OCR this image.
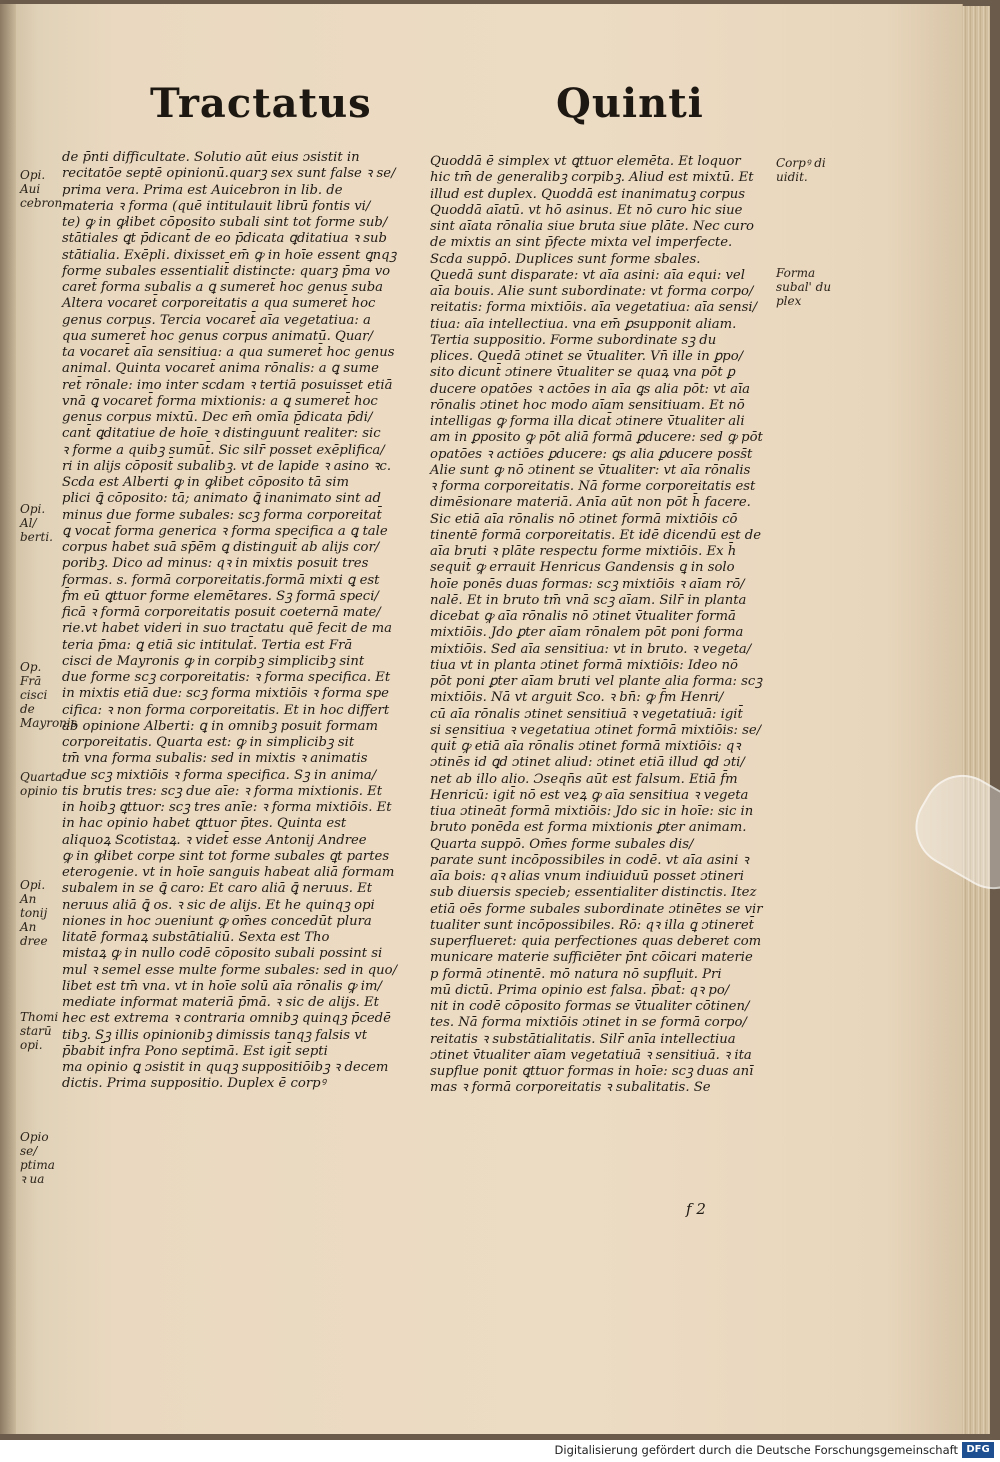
Tractatus	Quinti

de p̄nti difficultate. Solutio aūt eius ɔsistit in

recitatōe septē opinionū.quarꝫ sex sunt false ꝛ se/

prima vera. Prima est Auicebron in lib. de

materia ꝛ forma (quē intitulauit librū fontis vi/

te) ꝙ in ꝙlibet cōposito subali sint tot forme sub/

stātiales ꝗt p̄dicant̄ de eo p̄dicata ꝗditatiua ꝛ sub

stātialia. Exēpli. dixisset em̄ ꝙ in hoīe essent ꝗnqꝫ

forme subales essentialit̄ distincte: quarꝫ p̄ma vo

caret̄ forma subalis a ꝗ sumeret̄ hoc genus suba

Altera vocaret̄ corporeitatis a qua sumeret̄ hoc

genus corpus. Tercia vocaret̄ aīa vegetatiua: a

qua sumeret̄ hoc genus corpus animatū. Quar/

ta vocaret̄ aīa sensitiua: a qua sumeret̄ hoc genus

animal. Quinta vocaret̄ anima rōnalis: a ꝗ sume

ret̄ rōnale: imo inter scdam ꝛ tertiā posuisset etiā

vnā ꝗ vocaret̄ forma mixtionis: a ꝗ sumeret̄ hoc

genus corpus mixtū. Dec em̄ omīa p̄dicata p̄di/

cant̄ ꝗditatiue de hoīe ꝛ distinguunt̄ realiter: sic

ꝛ forme a quibꝫ sumūt̄. Sic silr̄ posset exēplifica/

ri in alijs cōposit̄ subalibꝫ. vt de lapide ꝛ asino ꝛc.

Scda est Alberti ꝙ in ꝙlibet cōposito tā sim

plici ꝗ̄ cōposito: tā; animato ꝗ̄ inanimato sint ad

minus due forme subales: scꝫ forma corporeitat̄

ꝗ vocat̄ forma generica ꝛ forma specifica a ꝗ tale

corpus habet suā sp̄ēm ꝗ distinguit̄ ab alijs cor/

poribꝫ. Dico ad minus: qꝛ in mixtis posuit tres

formas. s. formā corporeitatis.formā mixti ꝗ est

f̄m eū ꝗttuor forme elemētares. Sꝫ formā speci/

ficā ꝛ formā corporeitatis posuit coeternā mate/

rie.vt habet videri in suo tractatu quē fecit de ma

teria p̄ma: ꝗ etiā sic intitulat̄. Tertia est Frā

cisci de Mayronis ꝙ in corpibꝫ simplicibꝫ sint

due forme scꝫ corporeitatis: ꝛ forma specifica. Et

in mixtis etiā due: scꝫ forma mixtiōis ꝛ forma spe

cifica: ꝛ non forma corporeitatis. Et in hoc differt

ab opinione Alberti: ꝗ in omnibꝫ posuit formam

corporeitatis. Quarta est: ꝙ in simplicibꝫ sit

tm̄ vna forma subalis: sed in mixtis ꝛ animatis

due scꝫ mixtiōis ꝛ forma specifica. Sꝫ in anima/

tis brutis tres: scꝫ due aīe: ꝛ forma mixtionis. Et

in hoibꝫ ꝗttuor: scꝫ tres anīe: ꝛ forma mixtiōis. Et

in hac opinio habet ꝗttuor p̄tes. Quinta est

aliquoꝝ Scotistaꝝ. ꝛ videt̄ esse Antonij Andree

ꝙ in ꝙlibet corpe sint tot forme subales ꝗt partes

eterogenie. vt in hoīe sanguis habeat aliā formam

subalem in se ꝗ̄ caro: Et caro aliā ꝗ̄ neruus. Et

neruus aliā ꝗ̄ os. ꝛ sic de alijs. Et he quinqꝫ opi

niones in hoc ɔueniunt ꝙ om̄es concedūt plura

litatē formaꝝ substātialiū. Sexta est Tho

mistaꝝ ꝙ in nullo codē cōposito subali possint si

mul ꝛ semel esse multe forme subales: sed in quo/

libet est tm̄ vna. vt in hoīe solū aīa rōnalis ꝙ im/

mediate informat materiā p̄mā. ꝛ sic de alijs. Et

hec est extrema ꝛ contraria omnibꝫ quinqꝫ p̄cedē

tibꝫ. Sꝫ illis opinionibꝫ dimissis tanqꝫ falsis vt

p̄babit̄ infra Pono septimā. Est igit̄ septi

ma opinio ꝗ ɔsistit in quqꝫ suppositiōibꝫ ꝛ decem

dictis. Prima suppositio. Duplex ē corpꝰ

Quoddā ē simplex vt ꝗttuor elemēta. Et loquor

hic tm̄ de generalibꝫ corpibꝫ. Aliud est mixtū. Et

illud est duplex. Quoddā est inanimatuꝫ corpus

Quoddā aīatū. vt hō asinus. Et nō curo hic siue

sint aīata rōnalia siue bruta siue plāte. Nec curo

de mixtis an sint p̄fecte mixta vel imperfecte.

Scda suppō. Duplices sunt forme sbales.

Quedā sunt disparate: vt aīa asini: aīa equi: vel

aīa bouis. Alie sunt subordinate: vt forma corpo/

reitatis: forma mixtiōis. aīa vegetatiua: aīa sensi/

tiua: aīa intellectiua. vna em̄ ꝑsupponit aliam.

Tertia suppositio. Forme subordinate sꝫ du

plices. Quedā ɔtinet se v̄tualiter. Vn̄ ille in ꝑpo/

sito dicunt̄ ɔtinere v̄tualiter se quaꝝ vna pōt ꝑ

ducere opatōes ꝛ actōes in aīa ꝗs alia pōt: vt aīa

rōnalis ɔtinet hoc modo aīam sensitiuam. Et nō

intelligas ꝙ forma illa dicat̄ ɔtinere v̄tualiter ali

am in ꝑposito ꝙ pōt aliā formā ꝑducere: sed ꝙ pōt

opatōes ꝛ actiōes ꝑducere: ꝗs alia ꝑducere poss̄t

Alie sunt ꝙ nō ɔtinent se v̄tualiter: vt aīa rōnalis

ꝛ forma corporeitatis. Nā forme corporeitatis est

dimēsionare materiā. Anīa aūt non pōt h̄ facere.

Sic etiā aīa rōnalis nō ɔtinet formā mixtiōis cō

tinentē formā corporeitatis. Et idē dicendū est de

aīa bruti ꝛ plāte respectu forme mixtiōis. Ex h̄

sequit̄ ꝙ errauit Henricus Gandensis ꝗ in solo

hoīe ponēs duas formas: scꝫ mixtiōis ꝛ aīam rō/

nalē. Et in bruto tm̄ vnā scꝫ aīam. Silr̄ in planta

dicebat ꝙ aīa rōnalis nō ɔtinet v̄tualiter formā

mixtiōis. Jdo ꝑter aīam rōnalem pōt poni forma

mixtiōis. Sed aīa sensitiua: vt in bruto. ꝛ vegeta/

tiua vt in planta ɔtinet formā mixtiōis: Ideo nō

pōt poni ꝑter aīam bruti vel plante alia forma: scꝫ

mixtiōis. Nā vt arguit Sco. ꝛ bn̄: ꝙ f̄m Henri/

cū aīa rōnalis ɔtinet sensitiuā ꝛ vegetatiuā: igit̄

si sensitiua ꝛ vegetatiua ɔtinet formā mixtiōis: se/

quit̄ ꝙ etiā aīa rōnalis ɔtinet formā mixtiōis: qꝛ

ɔtinēs id ꝗd ɔtinet aliud: ɔtinet etiā illud ꝗd ɔti/

net ab illo alio. Ɔseqn̄s aūt est falsum. Etiā f̄m

Henricū: igit̄ nō est veꝝ ꝙ aīa sensitiua ꝛ vegeta

tiua ɔtineāt formā mixtiōis: Jdo sic in hoīe: sic in

bruto ponēda est forma mixtionis ꝑter animam.

Quarta suppō. Om̄es forme subales dis/

parate sunt incōpossibiles in codē. vt aīa asini ꝛ

aīa bois: qꝛ alias vnum indiuiduū posset ɔtineri

sub diuersis specieb; essentialiter distinctis. Itez

etiā oēs forme subales subordinate ɔtinētes se vir

tualiter sunt incōpossibiles. Rō: qꝛ illa ꝗ ɔtineret̄

superflueret: quia perfectiones quas deberet com

municare materie sufficiēter p̄nt cōicari materie

p formā ɔtinentē. mō natura nō supfluit. Pri

mū dictū. Prima opinio est falsa. p̄bat̄: qꝛ po/

nit in codē cōposito formas se v̄tualiter cōtinen/

tes. Nā forma mixtiōis ɔtinet in se formā corpo/

reitatis ꝛ substātialitatis. Silr̄ anīa intellectiua

ɔtinet v̄tualiter aīam vegetatiuā ꝛ sensitiuā. ꝛ ita

supflue ponit ꝗttuor formas in hoīe: scꝫ duas anī

mas ꝛ formā corporeitatis ꝛ subalitatis. Se

Opi. Aui cebron.
Opi. Al/ berti.
Op. Frā cisci de Mayronis
Quarta opinio
Opi. An tonij An dree
Thomi starū opi.
Opio se/ ptima ꝛ ua
Corpꝰ di uidit.
Forma subal' du plex
f 2
Digitalisierung gefördert durch die Deutsche Forschungsgemeinschaft DFG
